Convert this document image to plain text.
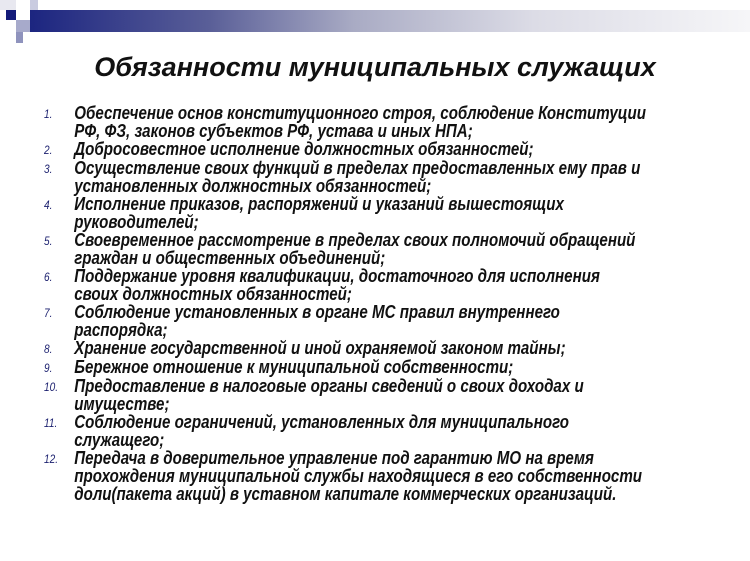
Обязанности муниципальных служащих
1.	Обеспечение основ конституционного строя, соблюдение Конституции
РФ, ФЗ, законов субъектов РФ, устава и иных НПА;
2.	Добросовестное исполнение должностных обязанностей;
3.	Осуществление своих функций в пределах предоставленных ему прав и
установленных должностных обязанностей;
4.	Исполнение приказов, распоряжений и указаний вышестоящих
руководителей;
5.	Своевременное рассмотрение в пределах своих полномочий обращений
граждан и общественных объединений;
6.	Поддержание уровня квалификации, достаточного для исполнения
своих должностных обязанностей;
7.	Соблюдение установленных в органе МС правил внутреннего
распорядка;
8.	Хранение государственной и иной охраняемой законом тайны;
9.	Бережное отношение к муниципальной собственности;
10. Предоставление в налоговые органы сведений о своих доходах и
имуществе;
11. Соблюдение ограничений, установленных для муниципального
служащего;
12. Передача в доверительное управление под гарантию МО на время
прохождения муниципальной службы находящиеся в его собственности
доли(пакета акций) в уставном капитале коммерческих организаций.
